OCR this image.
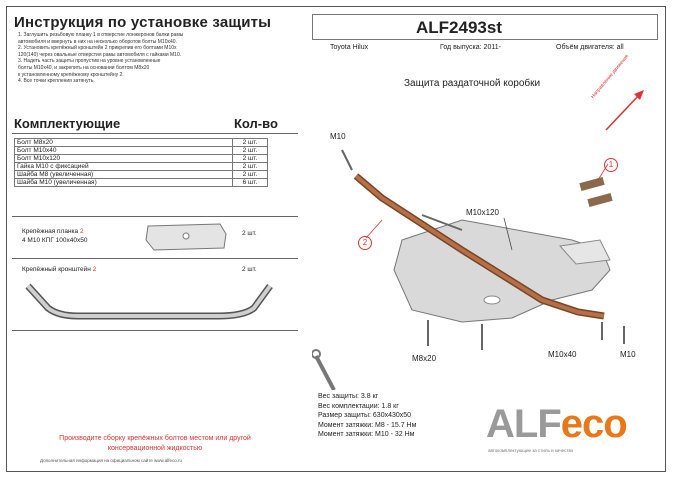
Инструкция по установке защиты
1. Заглушить резьбовую планку 1 в отверстие лонжеронов балки рамы
автомобиля и ввернуть в них на несколько оборотов болты M10х40.
2. Установить крепёжный кронштейн 2 прикрепив его болтами M10х
120(140) через овальные отверстия рамы автомобиля с гайками M10.
3. Надеть часть защиты пропустив на уровне установленные
болты M10х40, и закрепить на основании болтом M8х20
к установленному крепёжному кронштейну 2.
4. Все точки крепления затянуть.
Комплектующие	Кол-во
Болт M8х20	2 шт.
Болт M10х40	2 шт.
Болт M10х120	2 шт.
Гайка M10 с фиксацией	2 шт.
Шайба M8 (увеличенная)	2 шт.
Шайба M10 (увеличенная)	6 шт.
Крепёжная планка 2
4 M10 КПГ 100х40х50
2 шт.
Крепёжный кронштейн 2	2 шт.
Производите сборку крепёжных болтов местом или другой
консервационной жидкостью
Дополнительная информация на официальном сайте www.alfeco.ru
ALF2493st
Toyota Hilux	Год выпуска: 2011-	Объём двигателя: all
Защита раздаточной коробки	Направление движения
M10
M10x120
M8x20	M10x40	M10
1
2
Вес защиты: 3.8 кг
Вес комплектации: 1.8 кг
Размер защиты: 630х430х50
Момент затяжки: M8 - 15.7 Нм
Момент затяжки: M10 - 32 Нм ALFeco
автокомплектующие за стиль и качество
